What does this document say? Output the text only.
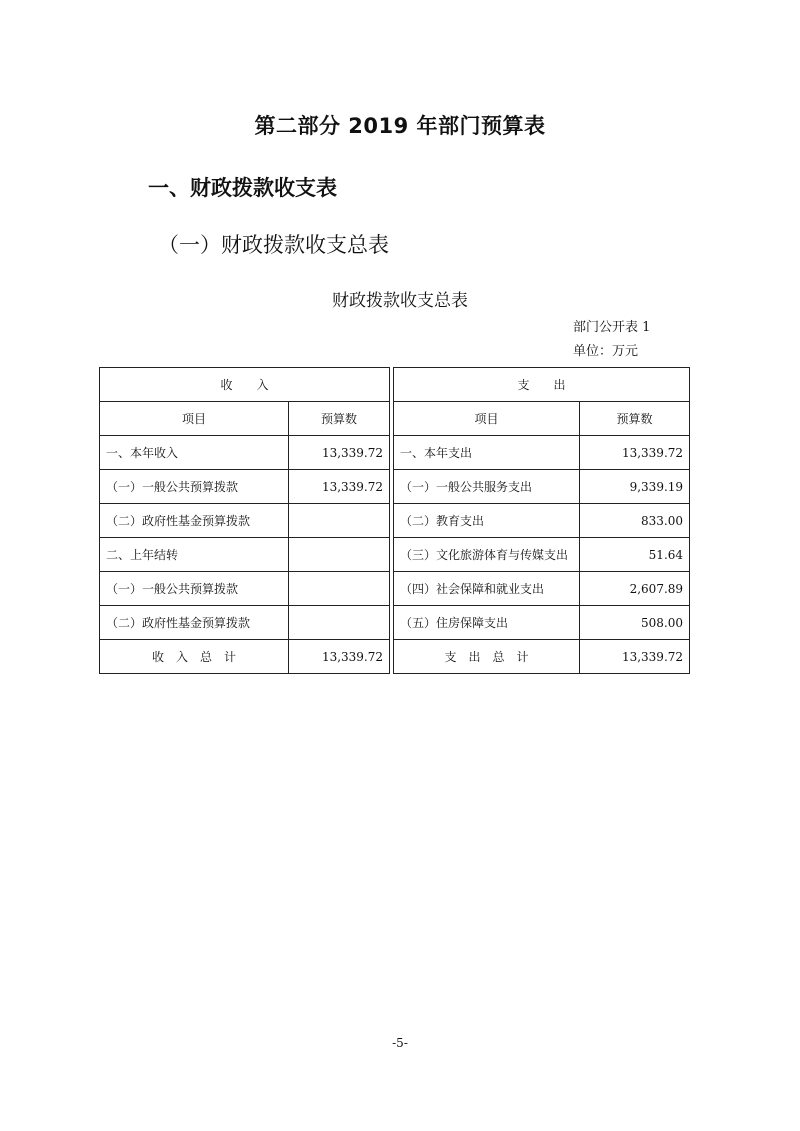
第二部分 2019 年部门预算表
一、财政拨款收支表
（一）财政拨款收支总表
财政拨款收支总表
部门公开表 1
单位：万元
收　　入			支　　出	
项目	预算数		项目	预算数
一、本年收入	13,339.72		一、本年支出	13,339.72
（一）一般公共预算拨款	13,339.72		（一）一般公共服务支出	9,339.19
（二）政府性基金预算拨款			（二）教育支出	833.00
二、上年结转			（三）文化旅游体育与传媒支出	51.64
（一）一般公共预算拨款			（四）社会保障和就业支出	2,607.89
（二）政府性基金预算拨款			（五）住房保障支出	508.00
收　入　总　计	13,339.72		支　出　总　计	13,339.72
-5-
